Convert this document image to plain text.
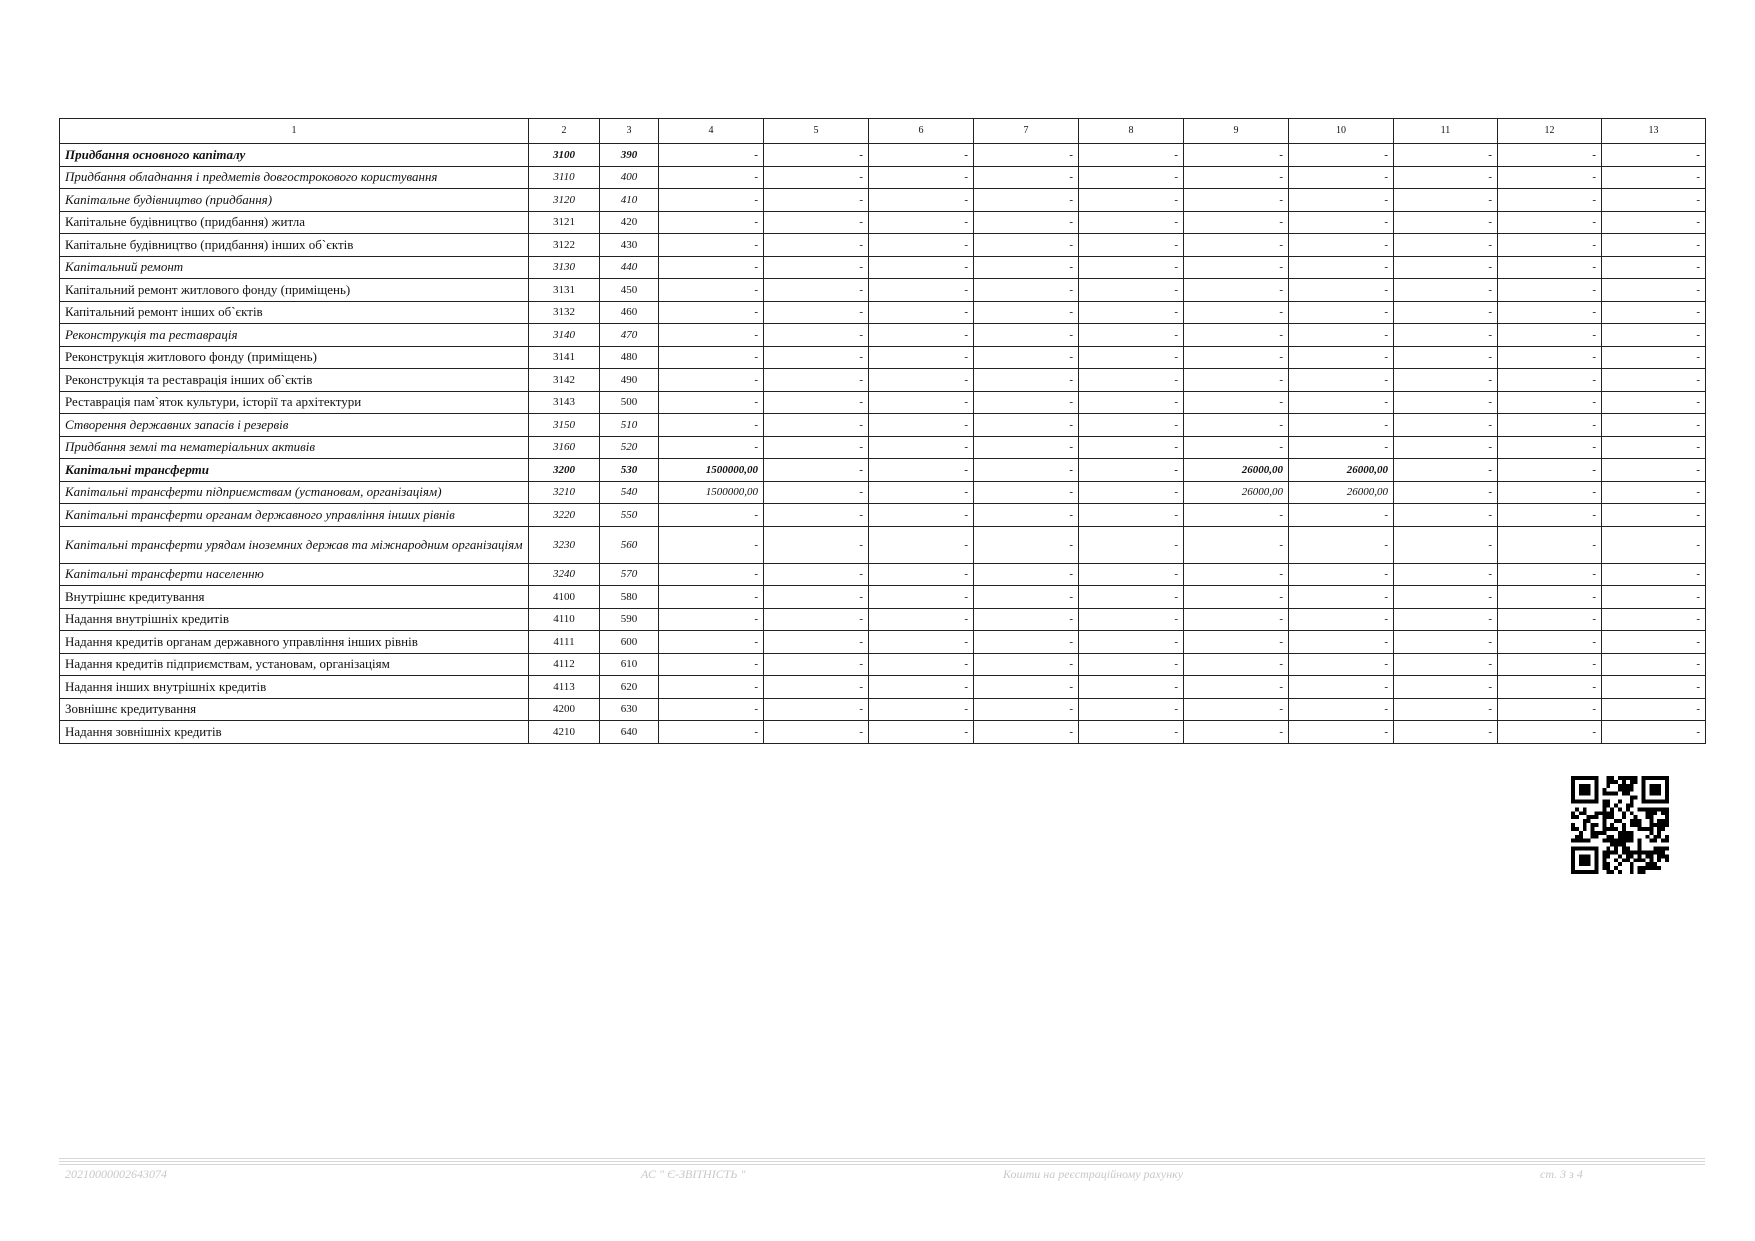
1	2	3	4	5	6	7	8	9	10	11	12	13
Придбання основного капіталу	3100	390	-	-	-	-	-	-	-	-	-	-
Придбання обладнання і предметів довгострокового користування	3110	400	-	-	-	-	-	-	-	-	-	-
Капітальне будівництво (придбання)	3120	410	-	-	-	-	-	-	-	-	-	-
Капітальне будівництво (придбання) житла	3121	420	-	-	-	-	-	-	-	-	-	-
Капітальне будівництво (придбання) інших об`єктів	3122	430	-	-	-	-	-	-	-	-	-	-
Капітальний ремонт	3130	440	-	-	-	-	-	-	-	-	-	-
Капітальний ремонт житлового фонду (приміщень)	3131	450	-	-	-	-	-	-	-	-	-	-
Капітальний ремонт інших об`єктів	3132	460	-	-	-	-	-	-	-	-	-	-
Реконструкція та реставрація	3140	470	-	-	-	-	-	-	-	-	-	-
Реконструкція житлового фонду (приміщень)	3141	480	-	-	-	-	-	-	-	-	-	-
Реконструкція та реставрація інших об`єктів	3142	490	-	-	-	-	-	-	-	-	-	-
Реставрація пам`яток культури, історії та архітектури	3143	500	-	-	-	-	-	-	-	-	-	-
Створення державних запасів і резервів	3150	510	-	-	-	-	-	-	-	-	-	-
Придбання землі та нематеріальних активів	3160	520	-	-	-	-	-	-	-	-	-	-
Капітальні трансферти	3200	530	1500000,00	-	-	-	-	26000,00	26000,00	-	-	-
Капітальні трансферти підприємствам (установам, організаціям)	3210	540	1500000,00	-	-	-	-	26000,00	26000,00	-	-	-
Капітальні трансферти органам державного управління інших рівнів	3220	550	-	-	-	-	-	-	-	-	-	-
Капітальні трансферти урядам іноземних держав та міжнародним організаціям	3230	560	-	-	-	-	-	-	-	-	-	-
Капітальні трансферти населенню	3240	570	-	-	-	-	-	-	-	-	-	-
Внутрішнє кредитування	4100	580	-	-	-	-	-	-	-	-	-	-
Надання внутрішніх кредитів	4110	590	-	-	-	-	-	-	-	-	-	-
Надання кредитів органам державного управління інших рівнів	4111	600	-	-	-	-	-	-	-	-	-	-
Надання кредитів підприємствам, установам, організаціям	4112	610	-	-	-	-	-	-	-	-	-	-
Надання інших внутрішніх кредитів	4113	620	-	-	-	-	-	-	-	-	-	-
Зовнішнє кредитування	4200	630	-	-	-	-	-	-	-	-	-	-
Надання зовнішніх кредитів	4210	640	-	-	-	-	-	-	-	-	-	-
20210000002643074	АС " Є-ЗВІТНІСТЬ "	Кошти на реєстраційному рахунку	ст. 3 з 4
